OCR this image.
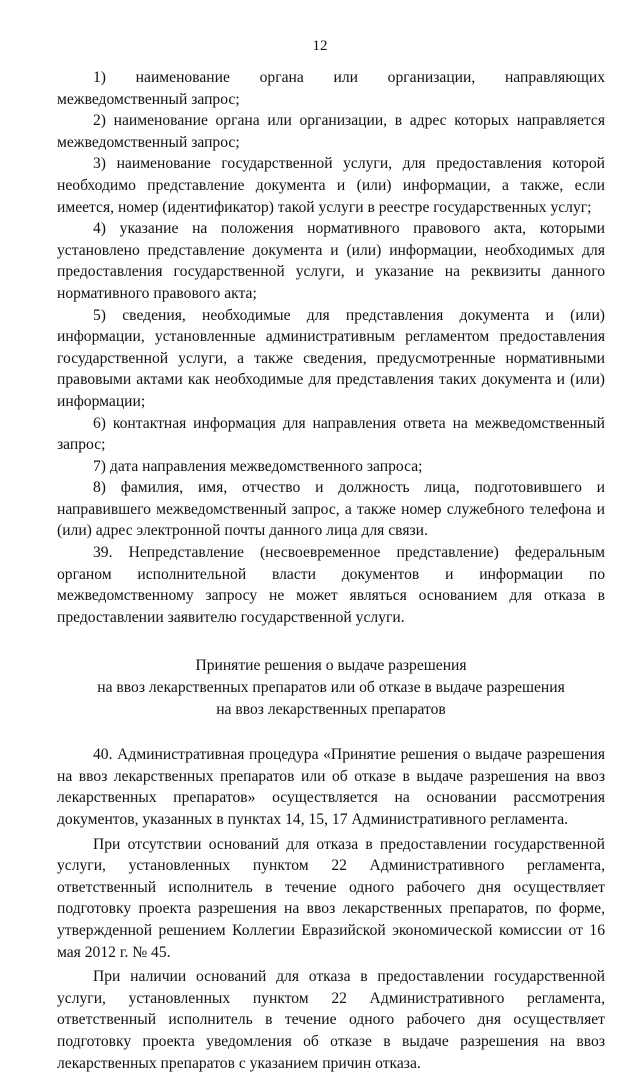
12

1) наименование органа или организации, направляющих межведомственный запрос;

2) наименование органа или организации, в адрес которых направляется межведомственный запрос;

3) наименование государственной услуги, для предоставления которой необходимо представление документа и (или) информации, а также, если имеется, номер (идентификатор) такой услуги в реестре государственных услуг;

4) указание на положения нормативного правового акта, которыми установлено представление документа и (или) информации, необходимых для предоставления государственной услуги, и указание на реквизиты данного нормативного правового акта;

5) сведения, необходимые для представления документа и (или) информации, установленные административным регламентом предоставления государственной услуги, а также сведения, предусмотренные нормативными правовыми актами как необходимые для представления таких документа и (или) информации;

6) контактная информация для направления ответа на межведомственный запрос;

7) дата направления межведомственного запроса;

8) фамилия, имя, отчество и должность лица, подготовившего и направившего межведомственный запрос, а также номер служебного телефона и (или) адрес электронной почты данного лица для связи.

39. Непредставление (несвоевременное представление) федеральным органом исполнительной власти документов и информации по межведомственному запросу не может являться основанием для отказа в предоставлении заявителю государственной услуги.

Принятие решения о выдаче разрешения
на ввоз лекарственных препаратов или об отказе в выдаче разрешения
на ввоз лекарственных препаратов

40. Административная процедура «Принятие решения о выдаче разрешения на ввоз лекарственных препаратов или об отказе в выдаче разрешения на ввоз лекарственных препаратов» осуществляется на основании рассмотрения документов, указанных в пунктах 14, 15, 17 Административного регламента.

При отсутствии оснований для отказа в предоставлении государственной услуги, установленных пунктом 22 Административного регламента, ответственный исполнитель в течение одного рабочего дня осуществляет подготовку проекта разрешения на ввоз лекарственных препаратов, по форме, утвержденной решением Коллегии Евразийской экономической комиссии от 16 мая 2012 г. № 45.

При наличии оснований для отказа в предоставлении государственной услуги, установленных пунктом 22 Административного регламента, ответственный исполнитель в течение одного рабочего дня осуществляет подготовку проекта уведомления об отказе в выдаче разрешения на ввоз лекарственных препаратов с указанием причин отказа.
